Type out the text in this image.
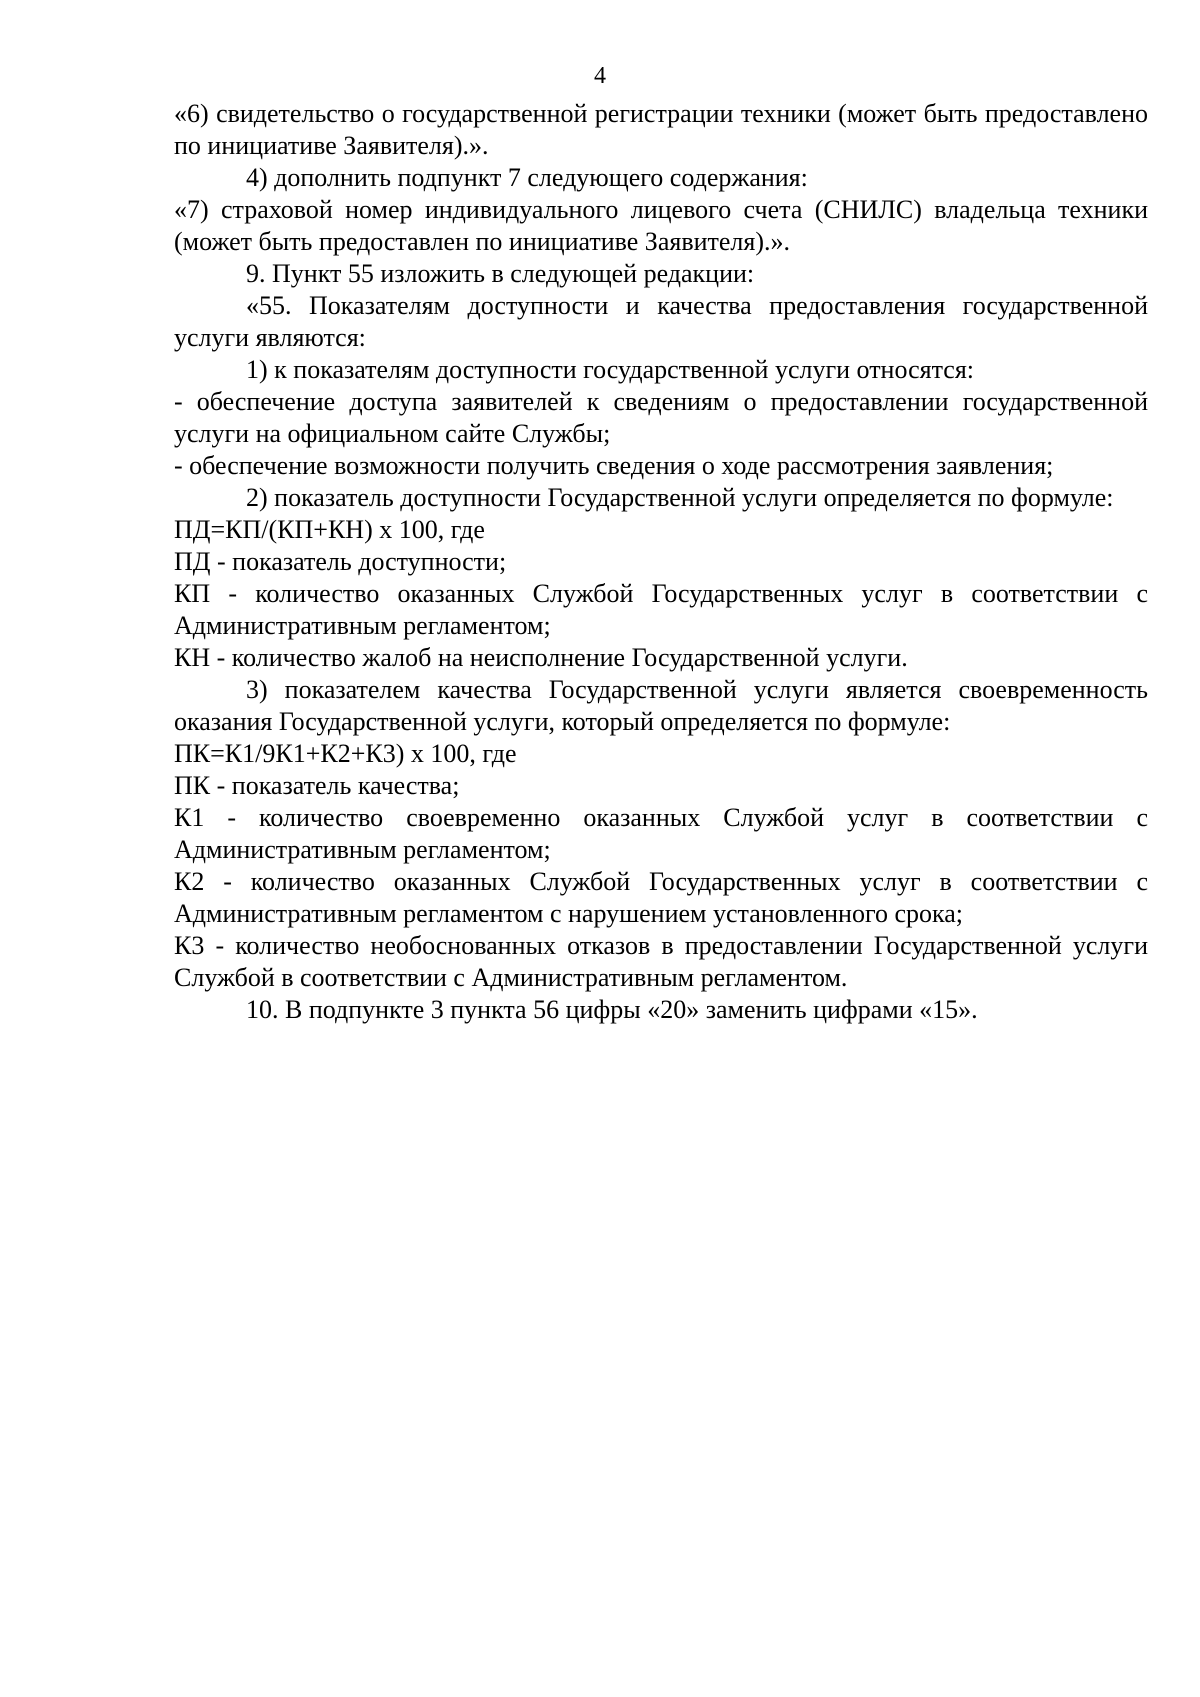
4

«6) свидетельство о государственной регистрации техники (может быть предоставлено по инициативе Заявителя).».

4) дополнить подпункт 7 следующего содержания:

«7) страховой номер индивидуального лицевого счета (СНИЛС) владельца техники (может быть предоставлен по инициативе Заявителя).».

9. Пункт 55 изложить в следующей редакции:

«55. Показателям доступности и качества предоставления государственной услуги являются:

1) к показателям доступности государственной услуги относятся:

- обеспечение доступа заявителей к сведениям о предоставлении государственной услуги на официальном сайте Службы;

- обеспечение возможности получить сведения о ходе рассмотрения заявления;

2) показатель доступности Государственной услуги определяется по формуле:

ПД=КП/(КП+КН) х 100, где

ПД - показатель доступности;

КП - количество оказанных Службой Государственных услуг в соответствии с Административным регламентом;

КН - количество жалоб на неисполнение Государственной услуги.

3) показателем качества Государственной услуги является своевременность оказания Государственной услуги, который определяется по формуле:

ПК=К1/9К1+К2+К3) х 100, где

ПК - показатель качества;

К1 - количество своевременно оказанных Службой услуг в соответствии с Административным регламентом;

К2 - количество оказанных Службой Государственных услуг в соответствии с Административным регламентом с нарушением установленного срока;

К3 - количество необоснованных отказов в предоставлении Государственной услуги Службой в соответствии с Административным регламентом.

10. В подпункте 3 пункта 56 цифры «20» заменить цифрами «15».
